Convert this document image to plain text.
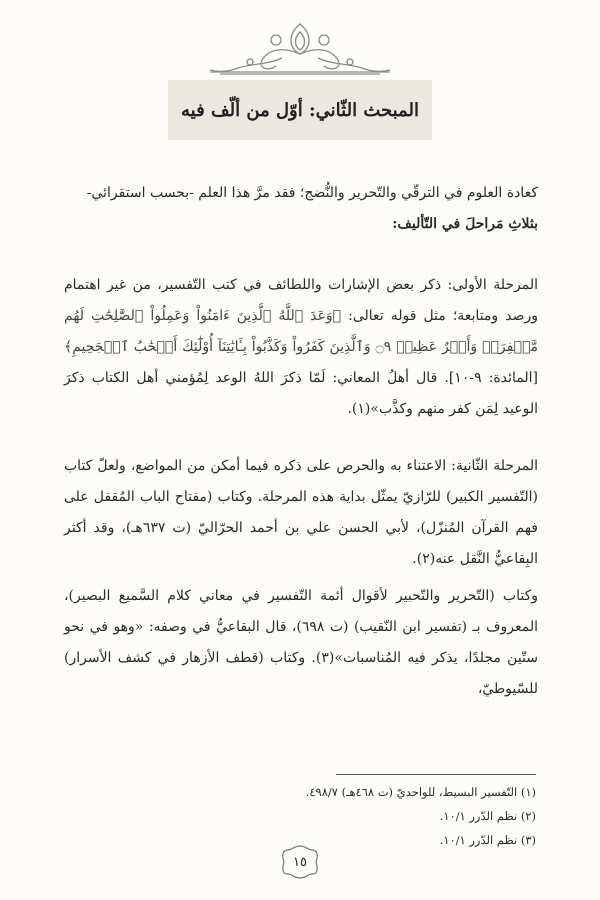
المبحث الثّاني: أوّل من ألّف فيه

كعادة العلوم في الترقّي والتّحرير والنُّضج؛ فقد مرَّ هذا العلم -بحسب استقرائي-

بثلاثِ مَراحلَ في التّأليف:

المرحلة الأولى: ذكر بعض الإشارات واللطائف في كتب التّفسير، من غير اهتمام ورصد ومتابعة؛ مثل قوله تعالى: ﴿وَعَدَ ٱللَّهُ ٱلَّذِينَ ءَامَنُواْ وَعَمِلُواْ ٱلصَّٰلِحَٰتِ لَهُم مَّغۡفِرَةٞ وَأَجۡرٌ عَظِيمٞ ۝٩ وَٱلَّذِينَ كَفَرُواْ وَكَذَّبُواْ بِـَٔايَٰتِنَآ أُوْلَٰٓئِكَ أَصۡحَٰبُ ٱلۡجَحِيمِ﴾ [المائدة: ٩-١٠]. قال أهلُ المعاني: لَمّا ذكرَ اللهُ الوعد لِمُؤمني أهل الكتاب ذكرَ الوعيد لِمَن كفر منهم وكذَّب»(١).

المرحلة الثّانية: الاعتناء به والحرص على ذكره فيما أمكن من المواضع، ولعلّ كتاب (التّفسير الكبير) للرّازيّ يمثّل بداية هذه المرحلة. وكتاب (مفتاح الباب المُقفل على فهم القرآن المُنزّل)، لأبي الحسن علي بن أحمد الحرّاليّ (ت ٦٣٧هـ)، وقد أكثر البِقاعيُّ النَّقل عنه(٢).

وكتاب (التّحرير والتّحبير لأقوال أئمة التّفسير في معاني كلام السَّميع البصير)، المعروف بـ (تفسير ابن النّقيب) (ت ٦٩٨)، قال البقاعيُّ في وصفه: «وهو في نحو ستّين مجلدًا، يذكر فيه المُناسبات»(٣). وكتاب (قطف الأزهار في كشف الأسرار) للسّيوطيّ،

(١) التّفسير البسيط، للواحديّ (ت ٤٦٨هـ) ٤٩٨/٧.
(٢) نظم الدّرر ١٠/١.
(٣) نظم الدّرر ١٠/١.
١٥
